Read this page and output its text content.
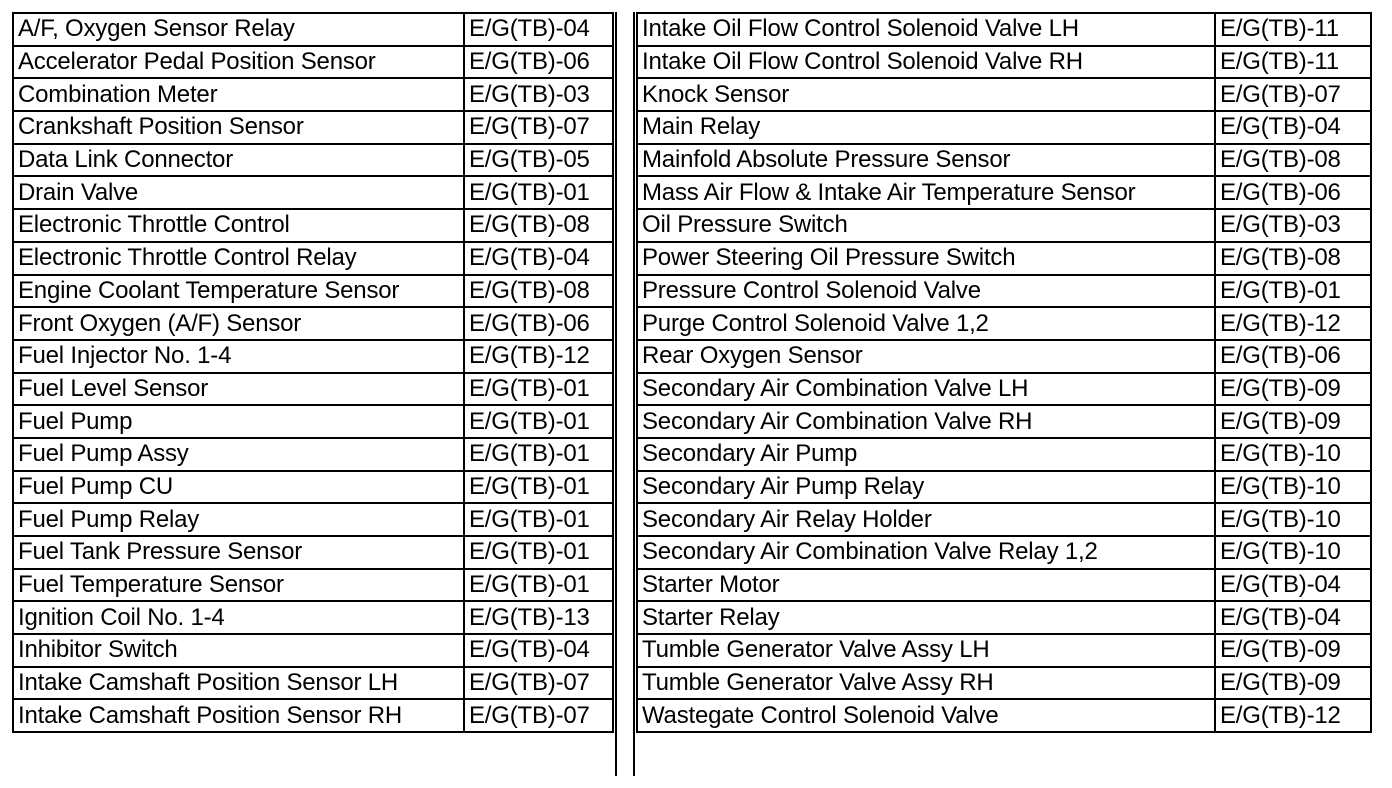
A/F, Oxygen Sensor Relay	E/G(TB)-04
Accelerator Pedal Position Sensor	E/G(TB)-06
Combination Meter	E/G(TB)-03
Crankshaft Position Sensor	E/G(TB)-07
Data Link Connector	E/G(TB)-05
Drain Valve	E/G(TB)-01
Electronic Throttle Control	E/G(TB)-08
Electronic Throttle Control Relay	E/G(TB)-04
Engine Coolant Temperature Sensor	E/G(TB)-08
Front Oxygen (A/F) Sensor	E/G(TB)-06
Fuel Injector No. 1-4	E/G(TB)-12
Fuel Level Sensor	E/G(TB)-01
Fuel Pump	E/G(TB)-01
Fuel Pump Assy	E/G(TB)-01
Fuel Pump CU	E/G(TB)-01
Fuel Pump Relay	E/G(TB)-01
Fuel Tank Pressure Sensor	E/G(TB)-01
Fuel Temperature Sensor	E/G(TB)-01
Ignition Coil No. 1-4	E/G(TB)-13
Inhibitor Switch	E/G(TB)-04
Intake Camshaft Position Sensor LH	E/G(TB)-07
Intake Camshaft Position Sensor RH	E/G(TB)-07
Intake Oil Flow Control Solenoid Valve LH	E/G(TB)-11
Intake Oil Flow Control Solenoid Valve RH	E/G(TB)-11
Knock Sensor	E/G(TB)-07
Main Relay	E/G(TB)-04
Mainfold Absolute Pressure Sensor	E/G(TB)-08
Mass Air Flow & Intake Air Temperature Sensor	E/G(TB)-06
Oil Pressure Switch	E/G(TB)-03
Power Steering Oil Pressure Switch	E/G(TB)-08
Pressure Control Solenoid Valve	E/G(TB)-01
Purge Control Solenoid Valve 1,2	E/G(TB)-12
Rear Oxygen Sensor	E/G(TB)-06
Secondary Air Combination Valve LH	E/G(TB)-09
Secondary Air Combination Valve RH	E/G(TB)-09
Secondary Air Pump	E/G(TB)-10
Secondary Air Pump Relay	E/G(TB)-10
Secondary Air Relay Holder	E/G(TB)-10
Secondary Air Combination Valve Relay 1,2	E/G(TB)-10
Starter Motor	E/G(TB)-04
Starter Relay	E/G(TB)-04
Tumble Generator Valve Assy LH	E/G(TB)-09
Tumble Generator Valve Assy RH	E/G(TB)-09
Wastegate Control Solenoid Valve	E/G(TB)-12
